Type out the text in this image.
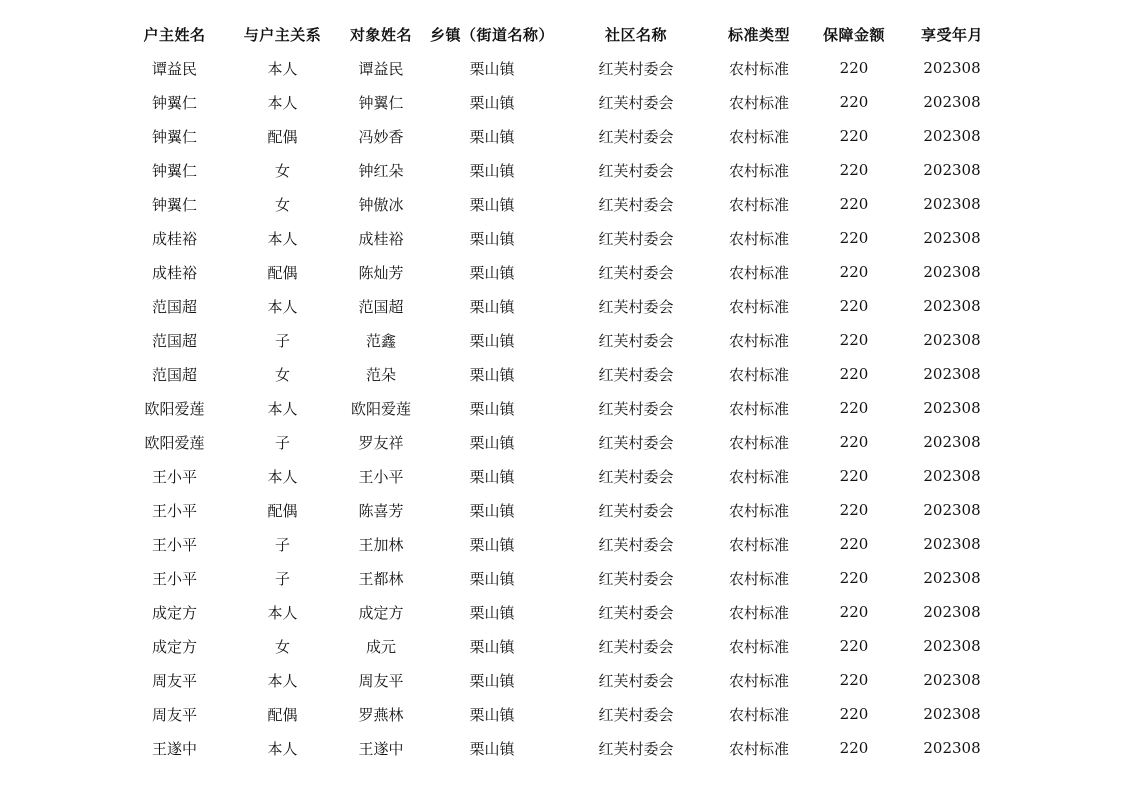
户主姓名	与户主关系	对象姓名	乡镇（街道名称）	社区名称	标准类型	保障金额	享受年月
谭益民	本人	谭益民	栗山镇	红芙村委会	农村标准	220	202308
钟翼仁	本人	钟翼仁	栗山镇	红芙村委会	农村标准	220	202308
钟翼仁	配偶	冯妙香	栗山镇	红芙村委会	农村标准	220	202308
钟翼仁	女	钟红朵	栗山镇	红芙村委会	农村标准	220	202308
钟翼仁	女	钟傲冰	栗山镇	红芙村委会	农村标准	220	202308
成桂裕	本人	成桂裕	栗山镇	红芙村委会	农村标准	220	202308
成桂裕	配偶	陈灿芳	栗山镇	红芙村委会	农村标准	220	202308
范国超	本人	范国超	栗山镇	红芙村委会	农村标准	220	202308
范国超	子	范鑫	栗山镇	红芙村委会	农村标准	220	202308
范国超	女	范朵	栗山镇	红芙村委会	农村标准	220	202308
欧阳爱莲	本人	欧阳爱莲	栗山镇	红芙村委会	农村标准	220	202308
欧阳爱莲	子	罗友祥	栗山镇	红芙村委会	农村标准	220	202308
王小平	本人	王小平	栗山镇	红芙村委会	农村标准	220	202308
王小平	配偶	陈喜芳	栗山镇	红芙村委会	农村标准	220	202308
王小平	子	王加林	栗山镇	红芙村委会	农村标准	220	202308
王小平	子	王都林	栗山镇	红芙村委会	农村标准	220	202308
成定方	本人	成定方	栗山镇	红芙村委会	农村标准	220	202308
成定方	女	成元	栗山镇	红芙村委会	农村标准	220	202308
周友平	本人	周友平	栗山镇	红芙村委会	农村标准	220	202308
周友平	配偶	罗燕林	栗山镇	红芙村委会	农村标准	220	202308
王遂中	本人	王遂中	栗山镇	红芙村委会	农村标准	220	202308
